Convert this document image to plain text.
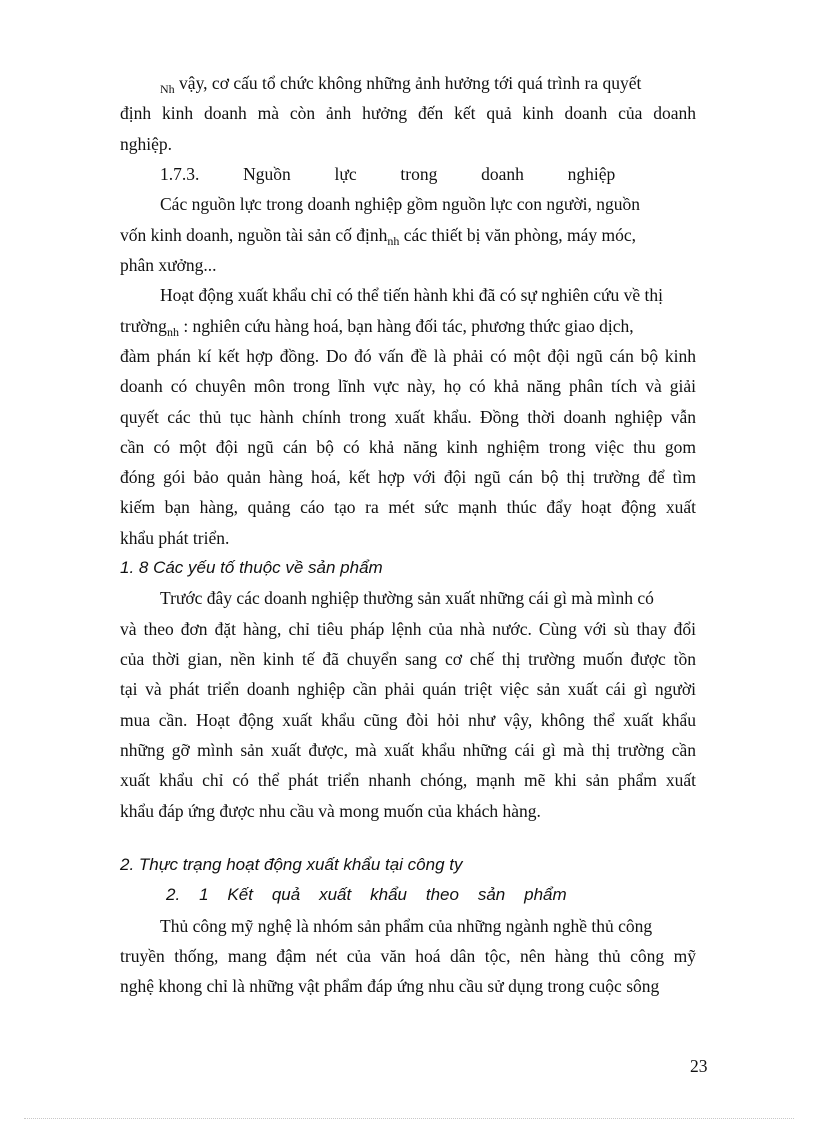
$_{Nh}$ vậy, cơ cấu tổ chức không những ảnh hưởng tới quá trình ra quyết
định kinh doanh mà còn ảnh hưởng đến kết quả kinh doanh của doanh
nghiệp.
1.7.3.          Nguồn          lực          trong          doanh          nghiệp
Các nguồn lực trong doanh nghiệp gồm nguồn lực con người, nguồn
vốn kinh doanh, nguồn tài sản cố định$_{nh}$ các thiết bị văn phòng, máy móc,
phân xưởng...
Hoạt động xuất khẩu chỉ có thể tiến hành khi đã có sự nghiên cứu về thị
trường$_{nh}$ : nghiên cứu hàng hoá, bạn hàng đối tác, phương thức giao dịch,
đàm phán kí kết hợp đồng. Do đó vấn đề là phải có một đội ngũ cán bộ kinh
doanh có chuyên môn trong lĩnh vực này, họ có khả năng phân tích và giải
quyết các thủ tục hành chính trong xuất khẩu. Đồng thời doanh nghiệp vẫn
cần có một đội ngũ cán bộ có khả năng kinh nghiệm trong việc thu gom
đóng gói bảo quản hàng hoá, kết hợp với đội ngũ cán bộ thị trường để tìm
kiếm bạn hàng, quảng cáo tạo ra mét sức mạnh thúc đẩy hoạt động xuất
khẩu phát triển.
1. 8 Các yếu tố thuộc về sản phẩm
Trước đây các doanh nghiệp thường sản xuất những cái gì mà mình có
và theo đơn đặt hàng, chỉ tiêu pháp lệnh của nhà nước. Cùng với sù thay đổi
của thời gian, nền kinh tế đã chuyển sang cơ chế thị trường muốn được tồn
tại và phát triển doanh nghiệp cần phải quán triệt việc sản xuất cái gì người
mua cần. Hoạt động xuất khẩu cũng đòi hỏi như vậy, không thể xuất khẩu
những gỡ mình sản xuất được, mà xuất khẩu những cái gì mà thị trường cần
xuất khẩu chỉ có thể phát triển nhanh chóng, mạnh mẽ khi sản phẩm xuất
khẩu đáp ứng được nhu cầu và mong muốn của khách hàng.
2. Thực trạng hoạt động xuất khẩu tại công ty
2.    1    Kết    quả    xuất    khẩu    theo    sản    phẩm
Thủ công mỹ nghệ là nhóm sản phẩm của những ngành nghề thủ công
truyền thống, mang đậm nét của văn hoá dân tộc, nên hàng thủ công mỹ
nghệ khong chỉ là những vật phẩm đáp ứng nhu cầu sử dụng trong cuộc sông
23
